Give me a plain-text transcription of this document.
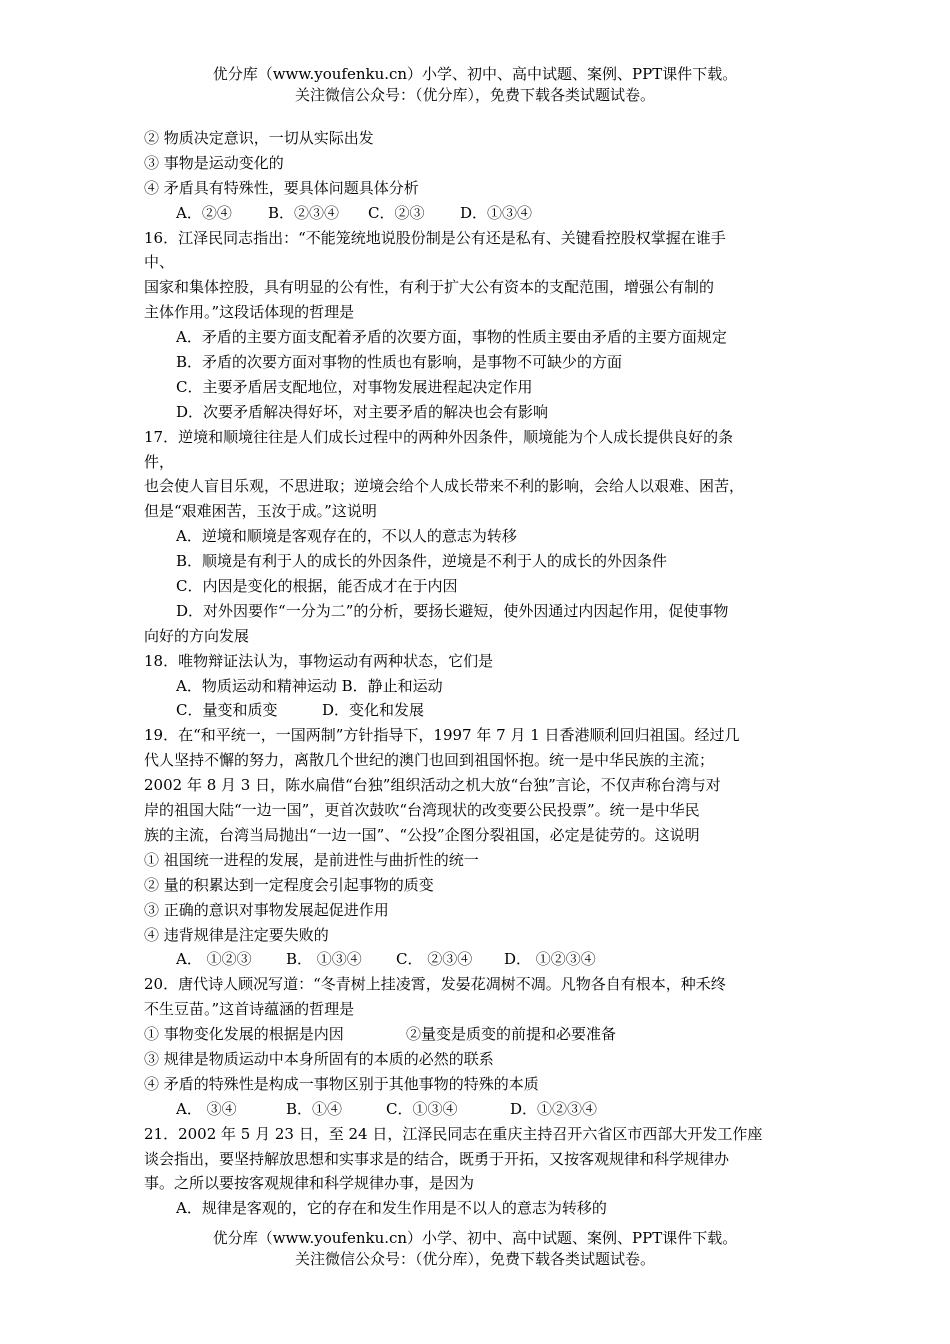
优分库（www.youfenku.cn）小学、初中、高中试题、案例、PPT课件下载。
关注微信公众号：（优分库），免费下载各类试题试卷。
② 物质决定意识，一切从实际出发
③ 事物是运动变化的
④ 矛盾具有特殊性，要具体问题具体分析
A．②④ B．②③④ C．②③ D．①③④
16．江泽民同志指出：“不能笼统地说股份制是公有还是私有、关键看控股权掌握在谁手
中、
国家和集体控股，具有明显的公有性，有利于扩大公有资本的支配范围，增强公有制的
主体作用。”这段话体现的哲理是
A．矛盾的主要方面支配着矛盾的次要方面，事物的性质主要由矛盾的主要方面规定
B．矛盾的次要方面对事物的性质也有影响，是事物不可缺少的方面
C．主要矛盾居支配地位，对事物发展进程起决定作用
D．次要矛盾解决得好坏，对主要矛盾的解决也会有影响
17．逆境和顺境往往是人们成长过程中的两种外因条件，顺境能为个人成长提供良好的条
件，
也会使人盲目乐观，不思进取；逆境会给个人成长带来不利的影响，会给人以艰难、困苦，
但是“艰难困苦，玉汝于成。”这说明
A．逆境和顺境是客观存在的，不以人的意志为转移
B．顺境是有利于人的成长的外因条件，逆境是不利于人的成长的外因条件
C．内因是变化的根据，能否成才在于内因
D．对外因要作“一分为二”的分析，要扬长避短，使外因通过内因起作用，促使事物
向好的方向发展
18．唯物辩证法认为，事物运动有两种状态，它们是
A．物质运动和精神运动 B．静止和运动
C．量变和质变	D．变化和发展
19．在“和平统一，一国两制”方针指导下，1997 年 7 月 1 日香港顺利回归祖国。经过几
代人坚持不懈的努力，离散几个世纪的澳门也回到祖国怀抱。统一是中华民族的主流；
2002 年 8 月 3 日，陈水扁借“台独”组织活动之机大放“台独”言论，不仅声称台湾与对
岸的祖国大陆“一边一国”，更首次鼓吹“台湾现状的改变要公民投票”。统一是中华民
族的主流，台湾当局抛出“一边一国”、“公投”企图分裂祖国，必定是徒劳的。这说明
① 祖国统一进程的发展，是前进性与曲折性的统一
② 量的积累达到一定程度会引起事物的质变
③ 正确的意识对事物发展起促进作用
④ 违背规律是注定要失败的
A． ①②③ B． ①③④ C． ②③④ D． ①②③④
20．唐代诗人顾况写道：“冬青树上挂凌霄，发晏花凋树不凋。凡物各自有根本，种禾终
不生豆苗。”这首诗蕴涵的哲理是
① 事物变化发展的根据是内因	②量变是质变的前提和必要准备
③ 规律是物质运动中本身所固有的本质的必然的联系
④ 矛盾的特殊性是构成一事物区别于其他事物的特殊的本质
A． ③④	B．①④	C．①③④	D．①②③④
21．2002 年 5 月 23 日，至 24 日，江泽民同志在重庆主持召开六省区市西部大开发工作座
谈会指出，要坚持解放思想和实事求是的结合，既勇于开拓，又按客观规律和科学规律办
事。之所以要按客观规律和科学规律办事，是因为
A．规律是客观的，它的存在和发生作用是不以人的意志为转移的
优分库（www.youfenku.cn）小学、初中、高中试题、案例、PPT课件下载。
关注微信公众号：（优分库），免费下载各类试题试卷。
